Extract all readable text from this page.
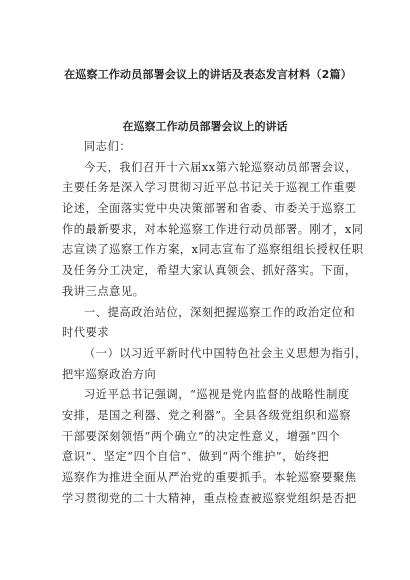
在巡察工作动员部署会议上的讲话及表态发言材料（2篇）
在巡察工作动员部署会议上的讲话
同志们：
今天，我们召开十六届xx第六轮巡察动员部署会议，
主要任务是深入学习贯彻习近平总书记关于巡视工作重要
论述，全面落实党中央决策部署和省委、市委关于巡察工
作的最新要求，对本轮巡察工作进行动员部署。刚才，x同
志宣读了巡察工作方案，x同志宣布了巡察组组长授权任职
及任务分工决定，希望大家认真领会、抓好落实。下面，
我讲三点意见。
一、提高政治站位，深刻把握巡察工作的政治定位和
时代要求
（一）以习近平新时代中国特色社会主义思想为指引，
把牢巡察政治方向
习近平总书记强调，“巡视是党内监督的战略性制度
安排，是国之利器、党之利器”。全县各级党组织和巡察
干部要深刻领悟“两个确立”的决定性意义，增强“四个
意识”、坚定“四个自信”、做到“两个维护”，始终把
巡察作为推进全面从严治党的重要抓手。本轮巡察要聚焦
学习贯彻党的二十大精神，重点检查被巡察党组织是否把
